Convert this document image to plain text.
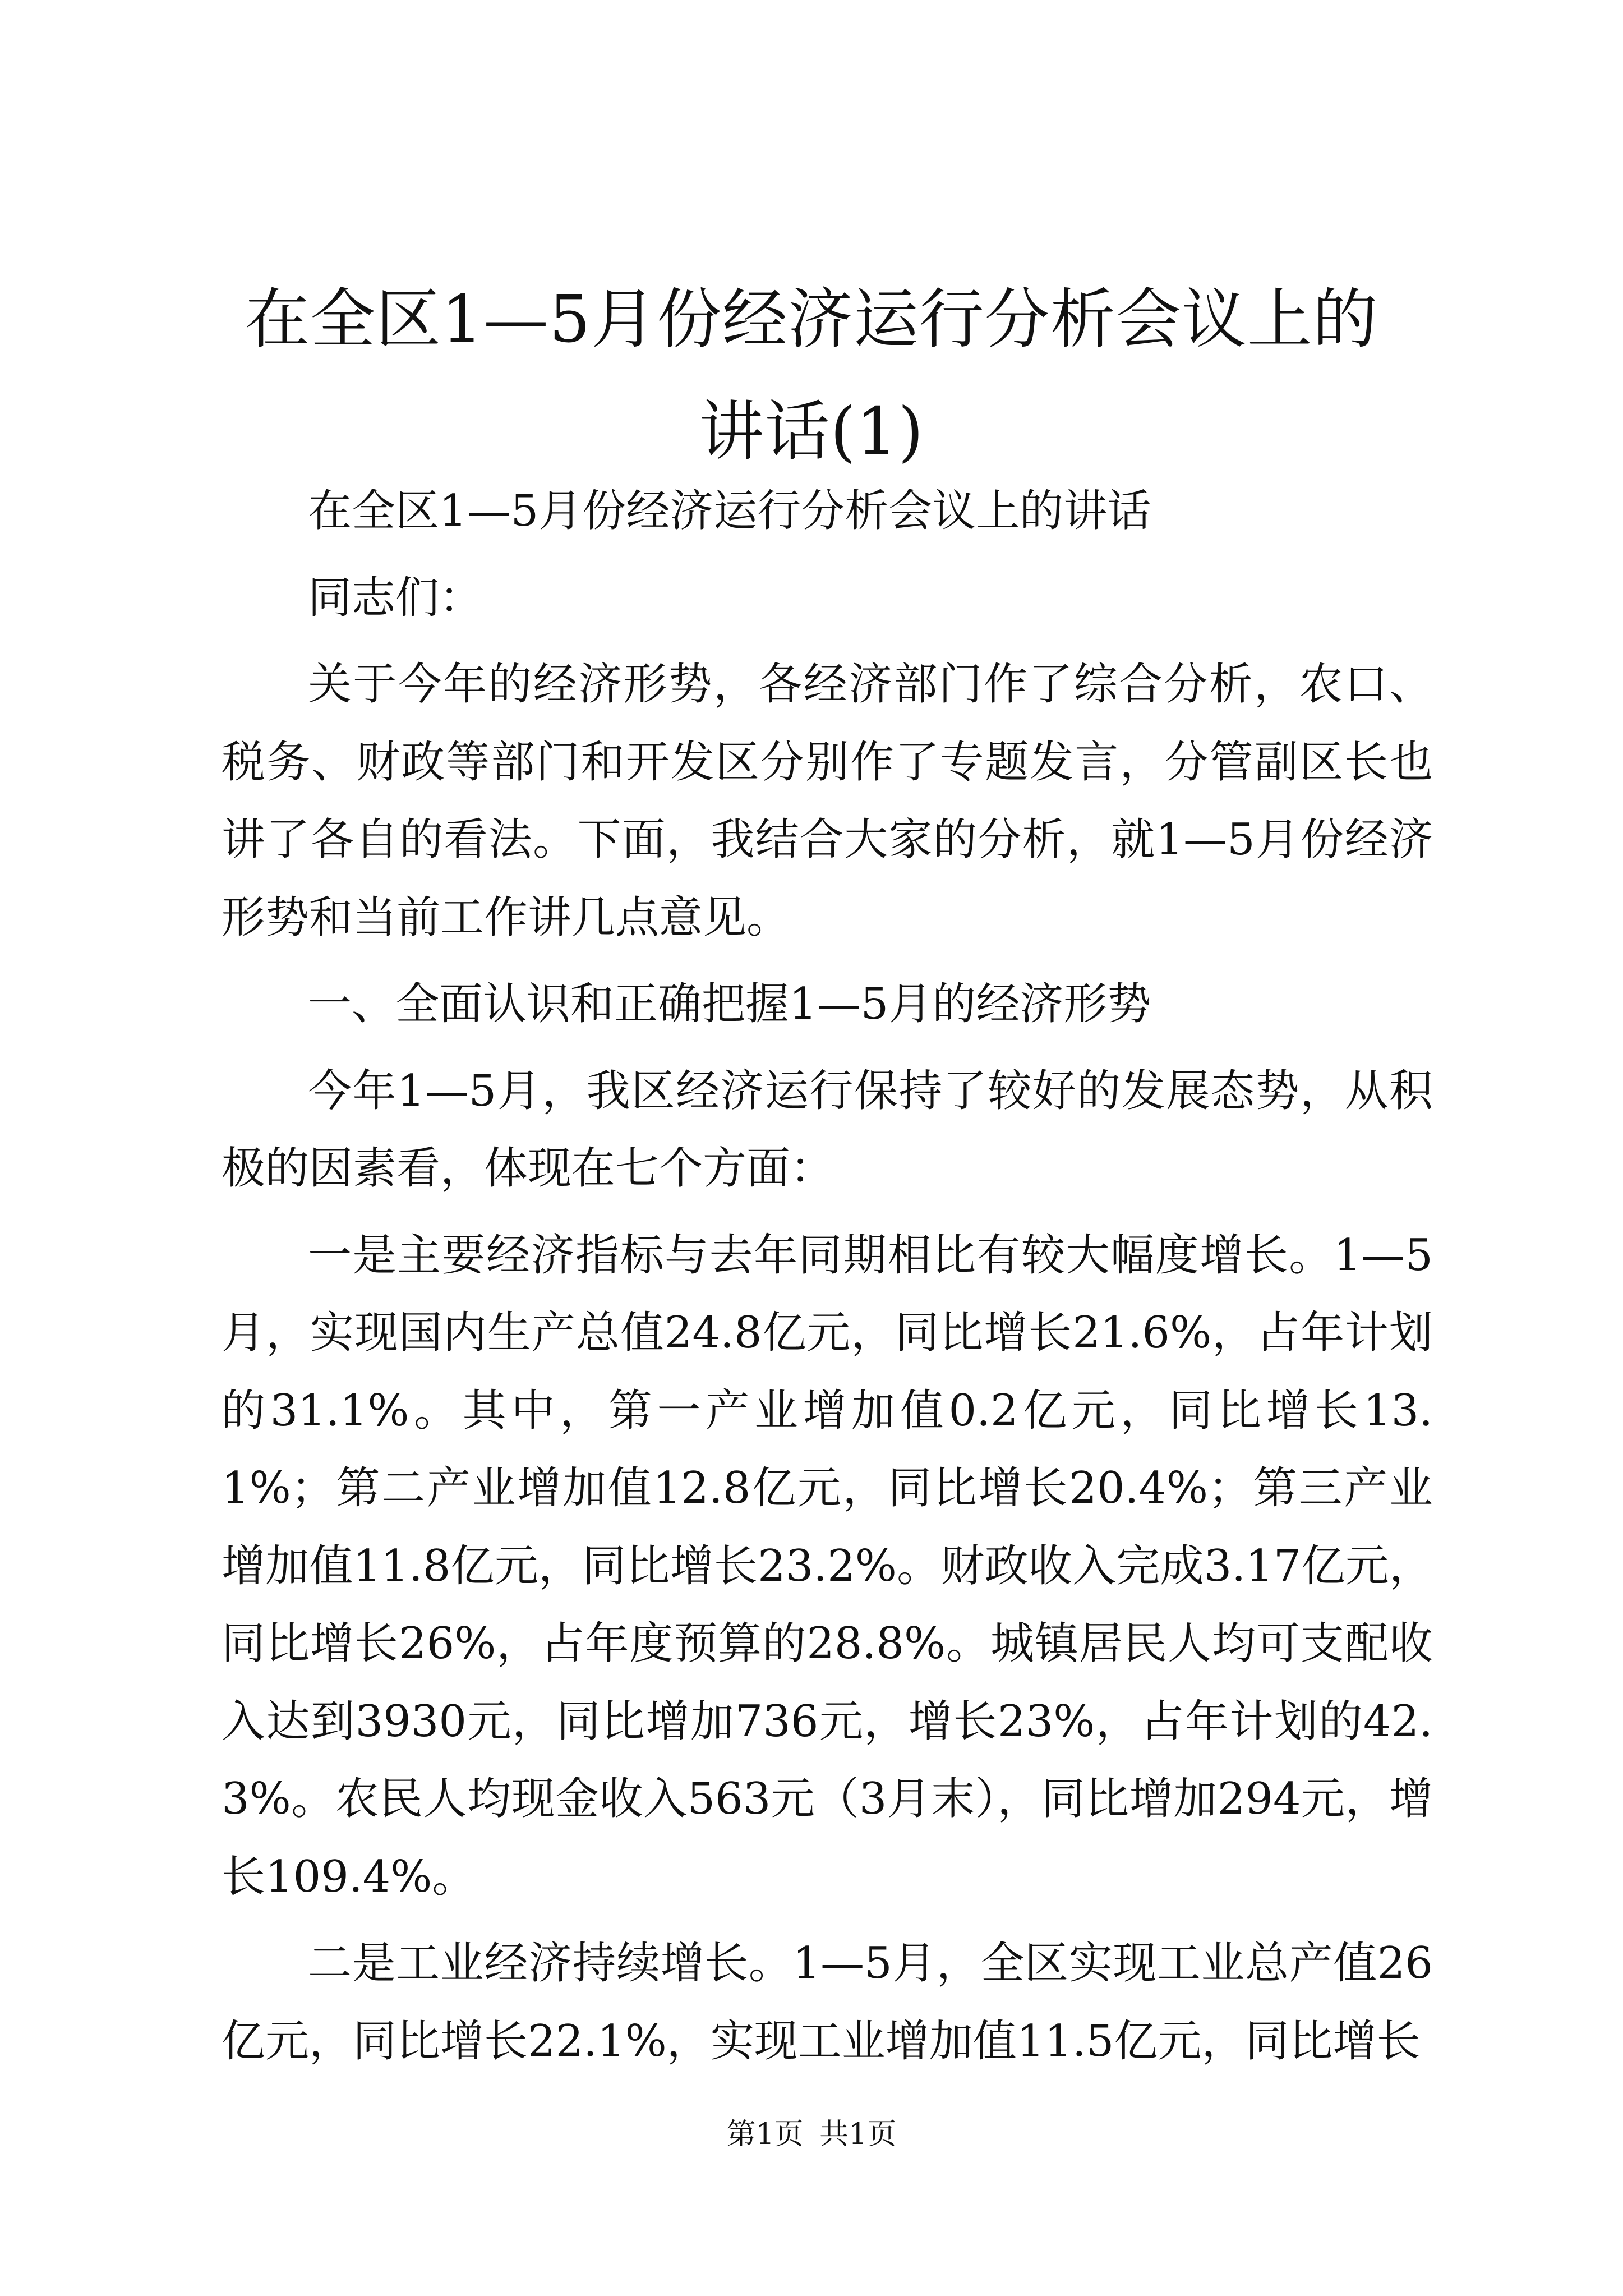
在全区1—5月份经济运行分析会议上的讲话(1)

在全区1—5月份经济运行分析会议上的讲话

同志们：

关于今年的经济形势，各经济部门作了综合分析，农口、税务、财政等部门和开发区分别作了专题发言，分管副区长也讲了各自的看法。下面，我结合大家的分析，就1—5月份经济形势和当前工作讲几点意见。

一、全面认识和正确把握1—5月的经济形势

今年1—5月，我区经济运行保持了较好的发展态势，从积极的因素看，体现在七个方面：

一是主要经济指标与去年同期相比有较大幅度增长。1—5月，实现国内生产总值24.8亿元，同比增长21.6%，占年计划的31.1%。其中，第一产业增加值0.2亿元，同比增长13.1%；第二产业增加值12.8亿元，同比增长20.4%；第三产业增加值11.8亿元，同比增长23.2%。财政收入完成3.17亿元，同比增长26%，占年度预算的28.8%。城镇居民人均可支配收入达到3930元，同比增加736元，增长23%，占年计划的42.3%。农民人均现金收入563元（3月末），同比增加294元，增长109.4%。

二是工业经济持续增长。1—5月，全区实现工业总产值26亿元，同比增长22.1%，实现工业增加值11.5亿元，同比增长

第1页 共1页
